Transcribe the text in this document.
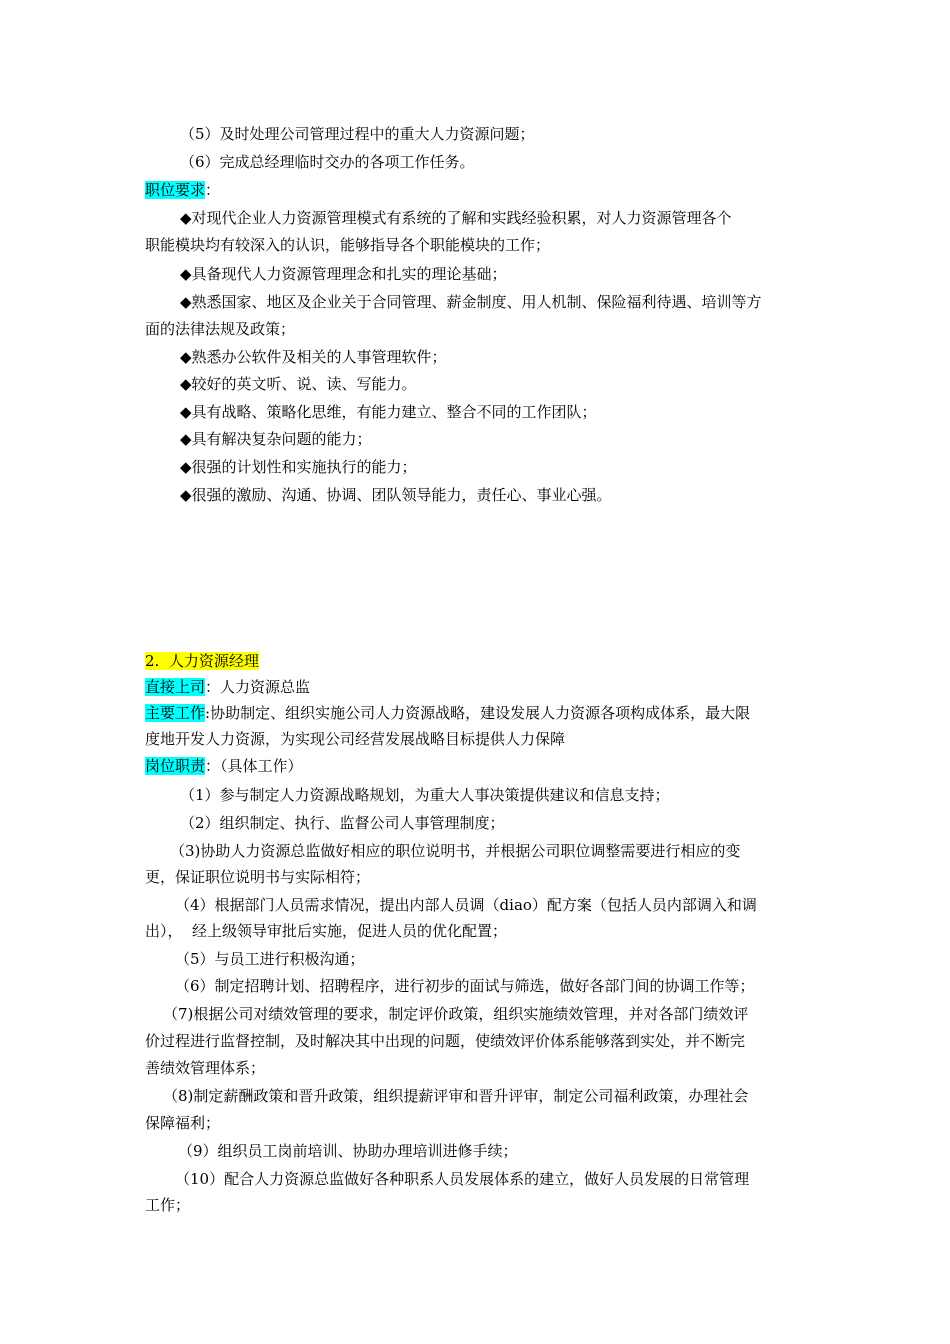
（5）及时处理公司管理过程中的重大人力资源问题；
（6）完成总经理临时交办的各项工作任务。
职位要求：
◆对现代企业人力资源管理模式有系统的了解和实践经验积累，对人力资源管理各个
职能模块均有较深入的认识，能够指导各个职能模块的工作；
◆具备现代人力资源管理理念和扎实的理论基础；
◆熟悉国家、地区及企业关于合同管理、薪金制度、用人机制、保险福利待遇、培训等方
面的法律法规及政策；
◆熟悉办公软件及相关的人事管理软件；
◆较好的英文听、说、读、写能力。
◆具有战略、策略化思维，有能力建立、整合不同的工作团队；
◆具有解决复杂问题的能力；
◆很强的计划性和实施执行的能力；
◆很强的激励、沟通、协调、团队领导能力，责任心、事业心强。
2.  人力资源经理
直接上司：人力资源总监
主要工作:协助制定、组织实施公司人力资源战略，建设发展人力资源各项构成体系，最大限
度地开发人力资源，为实现公司经营发展战略目标提供人力保障
岗位职责：（具体工作）
（1）参与制定人力资源战略规划，为重大人事决策提供建议和信息支持；
（2）组织制定、执行、监督公司人事管理制度；
（3)协助人力资源总监做好相应的职位说明书，并根据公司职位调整需要进行相应的变
更，保证职位说明书与实际相符；
（4）根据部门人员需求情况，提出内部人员调（diao）配方案（包括人员内部调入和调
出），  经上级领导审批后实施，促进人员的优化配置；
（5）与员工进行积极沟通；
（6）制定招聘计划、招聘程序，进行初步的面试与筛选，做好各部门间的协调工作等；
（7)根据公司对绩效管理的要求，制定评价政策，组织实施绩效管理，并对各部门绩效评
价过程进行监督控制，及时解决其中出现的问题，使绩效评价体系能够落到实处，并不断完
善绩效管理体系；
（8)制定薪酬政策和晋升政策，组织提薪评审和晋升评审，制定公司福利政策，办理社会
保障福利；
（9）组织员工岗前培训、协助办理培训进修手续；
（10）配合人力资源总监做好各种职系人员发展体系的建立，做好人员发展的日常管理
工作；
